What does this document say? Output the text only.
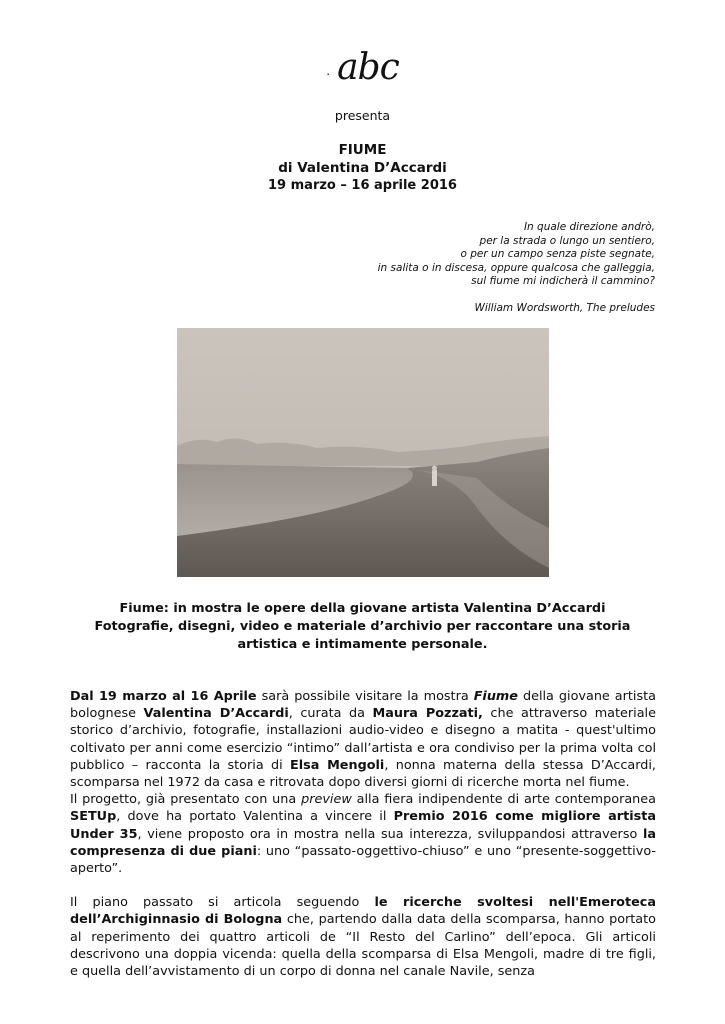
. abc
presenta
FIUME
di Valentina D’Accardi
19 marzo – 16 aprile 2016
In quale direzione andrò,
per la strada o lungo un sentiero,
o per un campo senza piste segnate,
in salita o in discesa, oppure qualcosa che galleggia,
sul fiume mi indicherà il cammino?
William Wordsworth, The preludes
Fiume: in mostra le opere della giovane artista Valentina D’Accardi
Fotografie, disegni, video e materiale d’archivio per raccontare una storia
artistica e intimamente personale.

Dal 19 marzo al 16 Aprile sarà possibile visitare la mostra Fiume della giovane artista bolognese Valentina D’Accardi, curata da Maura Pozzati, che attraverso materiale storico d’archivio, fotografie, installazioni audio-video e disegno a matita - quest'ultimo coltivato per anni come esercizio “intimo” dall’artista e ora condiviso per la prima volta col pubblico – racconta la storia di Elsa Mengoli, nonna materna della stessa D’Accardi, scomparsa nel 1972 da casa e ritrovata dopo diversi giorni di ricerche morta nel fiume.

Il progetto, già presentato con una preview alla fiera indipendente di arte contemporanea SETUp, dove ha portato Valentina a vincere il Premio 2016 come migliore artista Under 35, viene proposto ora in mostra nella sua interezza, sviluppandosi attraverso la compresenza di due piani: uno “passato-oggettivo-chiuso” e uno “presente-soggettivo-aperto”.

Il piano passato si articola seguendo le ricerche svoltesi nell'Emeroteca dell’Archiginnasio di Bologna che, partendo dalla data della scomparsa, hanno portato al reperimento dei quattro articoli de “Il Resto del Carlino” dell’epoca. Gli articoli descrivono una doppia vicenda: quella della scomparsa di Elsa Mengoli, madre di tre figli, e quella dell’avvistamento di un corpo di donna nel canale Navile, senza
